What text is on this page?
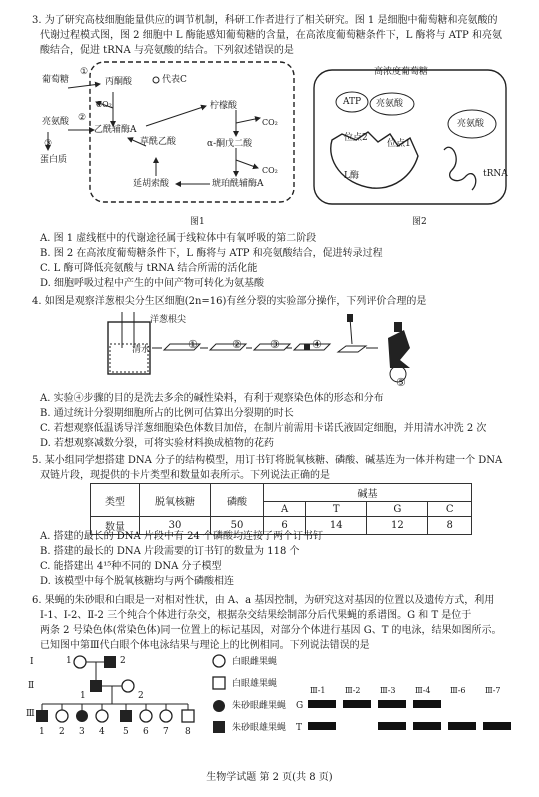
3. 为了研究高枝细胞能量供应的调节机制，科研工作者进行了相关研究。图 1 是细胞中葡萄糖和亮氨酸的
代谢过程模式图，图 2 细胞中 L 酶能感知葡萄糖的含量，在高浓度葡萄糖条件下，L 酶将与 ATP 和亮氨
酸结合，促进 tRNA 与亮氨酸的结合。下列叙述错误的是
葡萄糖
①
丙酮酸	代表C
CO₂
亮氨酸 ②
乙酰辅酶A
柠檬酸
③
蛋白质
草酰乙酸	α-酮戊二酸
CO₂
CO₂
延胡索酸	琥珀酰辅酶A
图1
高浓度葡萄糖
ATP 亮氨酸
亮氨酸
位点2
位点1
L酶	tRNA
图2
A. 图 1 虚线框中的代谢途径属于线粒体中有氧呼吸的第二阶段
B. 图 2 在高浓度葡萄糖条件下，L 酶将与 ATP 和亮氨酸结合，促进转录过程
C. L 酶可降低亮氨酸与 tRNA 结合所需的活化能
D. 细胞呼吸过程中产生的中间产物可转化为氨基酸
4. 如图是观察洋葱根尖分生区细胞(2n=16)有丝分裂的实验部分操作，下列评价合理的是
洋葱根尖
清水	①	②	③	④
⑤
A. 实验④步骤的目的是洗去多余的碱性染料，有利于观察染色体的形态和分布
B. 通过统计分裂期细胞所占的比例可估算出分裂期的时长
C. 若想观察低温诱导洋葱细胞染色体数目加倍，在制片前需用卡诺氏液固定细胞，并用清水冲洗 2 次
D. 若想观察减数分裂，可将实验材料换成植物的花药
5. 某小组同学想搭建 DNA 分子的结构模型，用订书钉将脱氧核糖、磷酸、碱基连为一体并构建一个 DNA
双链片段，现提供的卡片类型和数量如表所示。下列说法正确的是
类型	脱氧核糖	磷酸	碱基			
			A	T	G	C
数量	30	50	6	14	12	8
A. 搭建的最长的 DNA 片段中有 24 个磷酸均连接了两个订书钉
B. 搭建的最长的 DNA 片段需要的订书钉的数量为 118 个
C. 能搭建出 4¹⁵种不同的 DNA 分子模型
D. 该模型中每个脱氧核糖均与两个磷酸相连
6. 果蝇的朱砂眼和白眼是一对相对性状，由 A、a 基因控制，为研究这对基因的位置以及遗传方式，利用
Ⅰ-1、Ⅰ-2、Ⅱ-2 三个纯合个体进行杂交，根据杂交结果绘制部分后代果蝇的系谱图。G 和 T 是位于
两条 2 号染色体(常染色体)同一位置上的标记基因，对部分个体进行基因 G、T 的电泳，结果如图所示。
已知图中第Ⅲ代白眼个体电泳结果与理论上的比例相同。下列说法错误的是
Ⅰ
Ⅱ
Ⅲ
1	2
1	2
1 2 3 4 5 6 7 8
白眼雌果蝇
白眼雄果蝇
朱砂眼雌果蝇
朱砂眼雄果蝇
Ⅲ-1 Ⅲ-2 Ⅲ-3 Ⅲ-4 Ⅲ-6 Ⅲ-7
G
T
生物学试题 第 2 页(共 8 页)
